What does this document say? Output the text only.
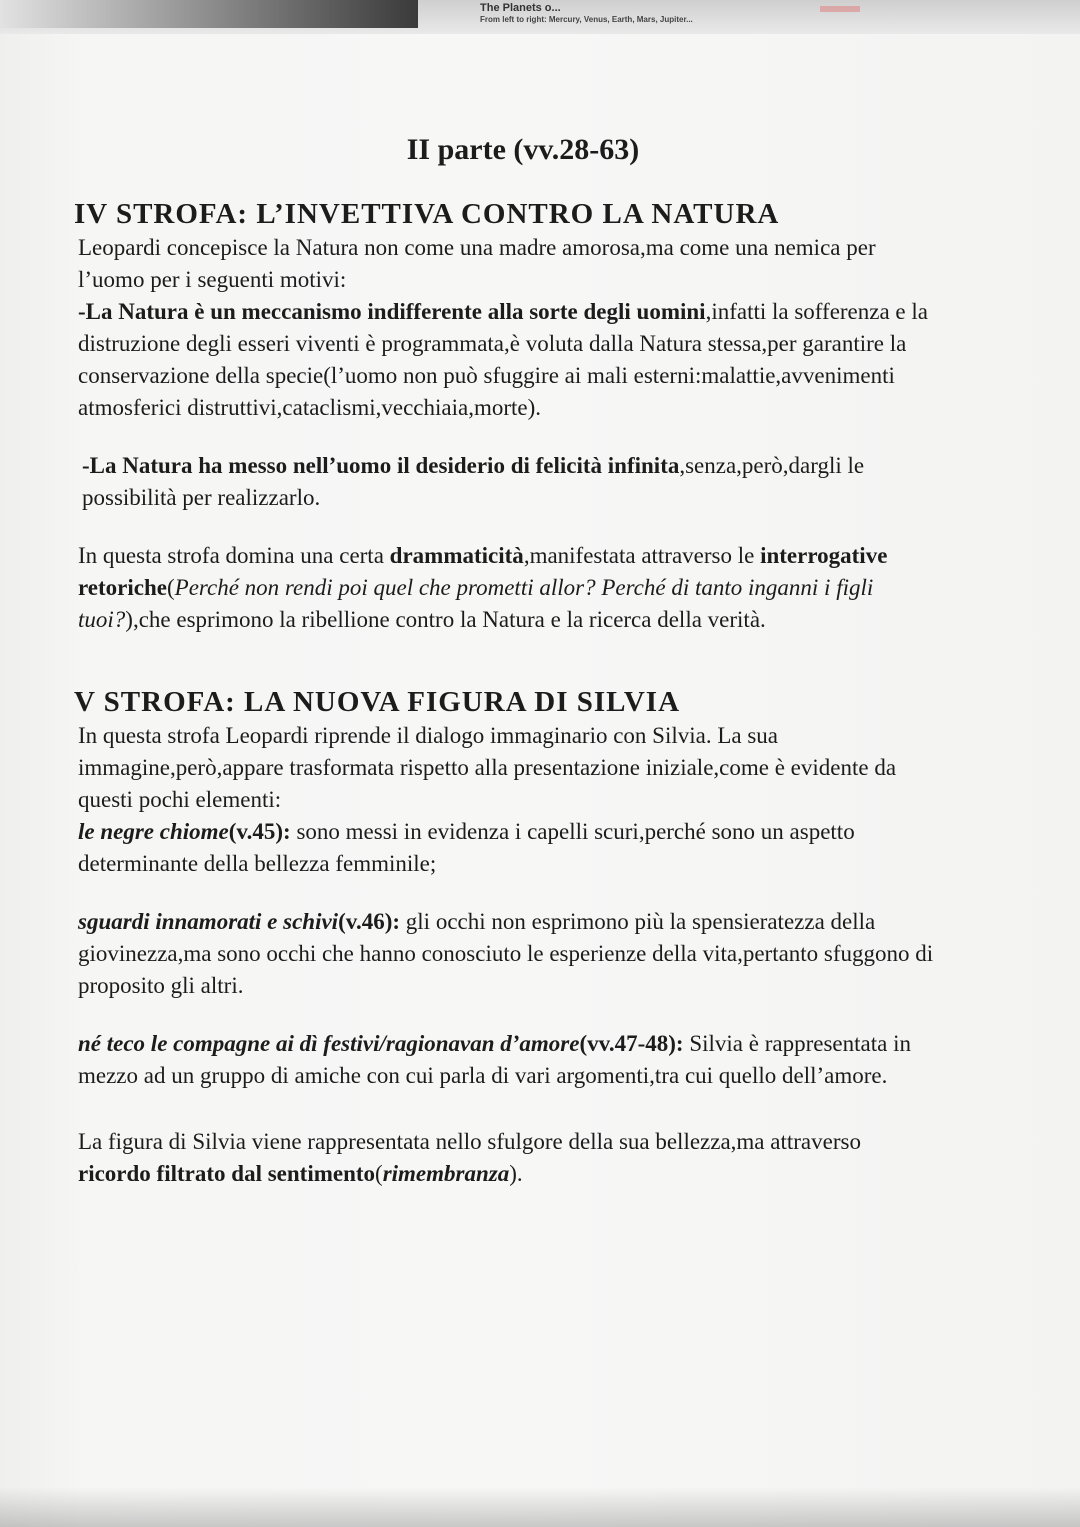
The Planets o...
From left to right: Mercury, Venus, Earth, Mars, Jupiter...
II parte (vv.28-63)
IV STROFA: L’INVETTIVA CONTRO LA NATURA

Leopardi concepisce la Natura non come una madre amorosa,ma come una nemica per l’uomo per i seguenti motivi:

-La Natura è un meccanismo indifferente alla sorte degli uomini,infatti la sofferenza e la distruzione degli esseri viventi è programmata,è voluta dalla Natura stessa,per garantire la conservazione della specie(l’uomo non può sfuggire ai mali esterni:malattie,avvenimenti atmosferici distruttivi,cataclismi,vecchiaia,morte).

-La Natura ha messo nell’uomo il desiderio di felicità infinita,senza,però,dargli le possibilità per realizzarlo.

In questa strofa domina una certa drammaticità,manifestata attraverso le interrogative retoriche(Perché non rendi poi quel che prometti allor? Perché di tanto inganni i figli tuoi?),che esprimono la ribellione contro la Natura e la ricerca della verità.

V STROFA: LA NUOVA FIGURA DI SILVIA

In questa strofa Leopardi riprende il dialogo immaginario con Silvia. La sua immagine,però,appare trasformata rispetto alla presentazione iniziale,come è evidente da questi pochi elementi:

le negre chiome(v.45): sono messi in evidenza i capelli scuri,perché sono un aspetto determinante della bellezza femminile;

sguardi innamorati e schivi(v.46): gli occhi non esprimono più la spensieratezza della giovinezza,ma sono occhi che hanno conosciuto le esperienze della vita,pertanto sfuggono di proposito gli altri.

né teco le compagne ai dì festivi/ragionavan d’amore(vv.47-48): Silvia è rappresentata in mezzo ad un gruppo di amiche con cui parla di vari argomenti,tra cui quello dell’amore.

La figura di Silvia viene rappresentata nello sfulgore della sua bellezza,ma attraverso ricordo filtrato dal sentimento(rimembranza).
